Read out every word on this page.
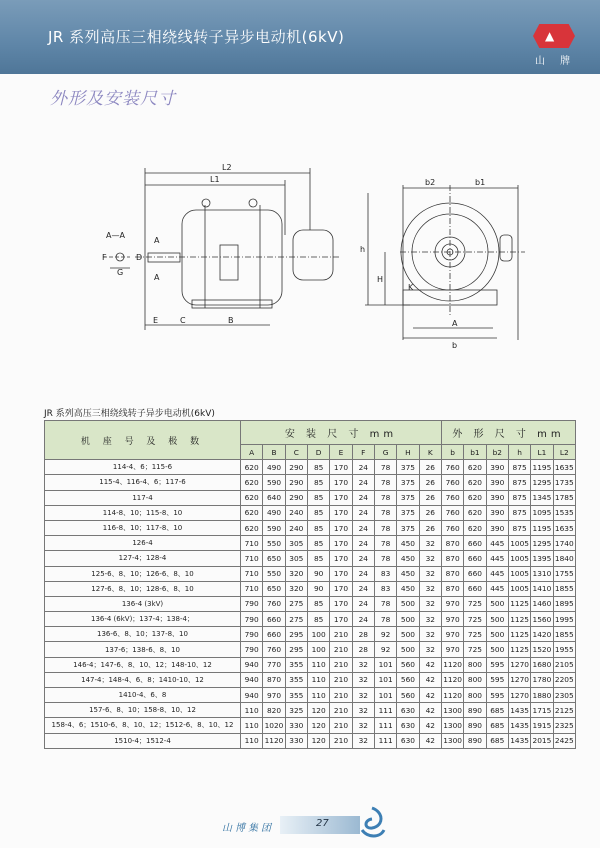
JR 系列高压三相绕线转子异步电动机(6kV)	▲
山 牌
外形及安装尺寸
L2
L1
A—A
A
A
D
F
G
E	C	B
b2	b1
h
H
K
A
b
JR 系列高压三相绕线转子异步电动机(6kV)
机 座 号 及 极 数	安 装 尺 寸 mm									外 形 尺 寸 mm					
	A	B	C	D	E	F	G	H	K	b	b1	b2	h	L1	L2
114-4、6；115-6	620	490	290	85	170	24	78	375	26	760	620	390	875	1195	1635
115-4、116-4、6；117-6	620	590	290	85	170	24	78	375	26	760	620	390	875	1295	1735
117-4	620	640	290	85	170	24	78	375	26	760	620	390	875	1345	1785
114-8、10；115-8、10	620	490	240	85	170	24	78	375	26	760	620	390	875	1095	1535
116-8、10；117-8、10	620	590	240	85	170	24	78	375	26	760	620	390	875	1195	1635
126-4	710	550	305	85	170	24	78	450	32	870	660	445	1005	1295	1740
127-4；128-4	710	650	305	85	170	24	78	450	32	870	660	445	1005	1395	1840
125-6、8、10；126-6、8、10	710	550	320	90	170	24	83	450	32	870	660	445	1005	1310	1755
127-6、8、10；128-6、8、10	710	650	320	90	170	24	83	450	32	870	660	445	1005	1410	1855
136-4 (3kV)	790	760	275	85	170	24	78	500	32	970	725	500	1125	1460	1895
136-4 (6kV)；137-4；138-4；	790	660	275	85	170	24	78	500	32	970	725	500	1125	1560	1995
136-6、8、10；137-8、10	790	660	295	100	210	28	92	500	32	970	725	500	1125	1420	1855
137-6；138-6、8、10	790	760	295	100	210	28	92	500	32	970	725	500	1125	1520	1955
146-4；147-6、8、10、12；148-10、12	940	770	355	110	210	32	101	560	42	1120	800	595	1270	1680	2105
147-4；148-4、6、8；1410-10、12	940	870	355	110	210	32	101	560	42	1120	800	595	1270	1780	2205
1410-4、6、8	940	970	355	110	210	32	101	560	42	1120	800	595	1270	1880	2305
157-6、8、10；158-8、10、12	110	820	325	120	210	32	111	630	42	1300	890	685	1435	1715	2125
158-4、6；1510-6、8、10、12；1512-6、8、10、12	110	1020	330	120	210	32	111	630	42	1300	890	685	1435	1915	2325
1510-4；1512-4	110	1120	330	120	210	32	111	630	42	1300	890	685	1435	2015	2425
山博集团	27
